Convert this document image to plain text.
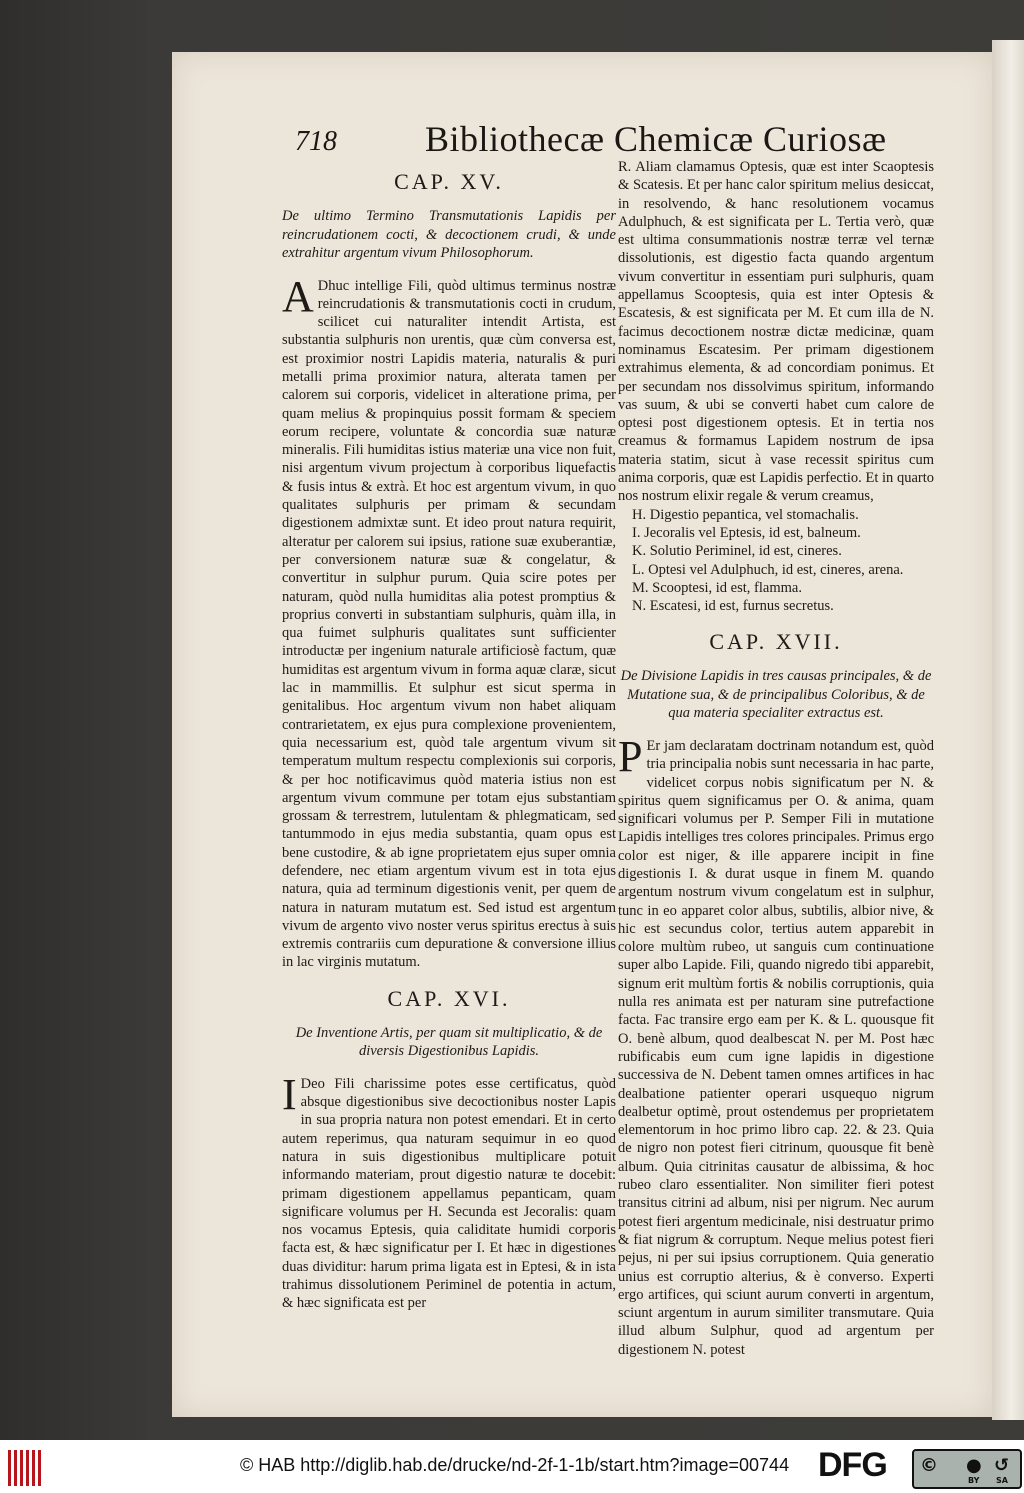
718 Bibliothecæ Chemicæ Curiosæ
CAP. XV.
De ultimo Termino Transmutationis Lapidis per reincrudationem cocti, & decoctionem crudi, & unde extrahitur argentum vivum Philosophorum.

A Dhuc intellige Fili, quòd ultimus terminus nostræ reincrudationis & transmutationis cocti in crudum, scilicet cui naturaliter intendit Artista, est substantia sulphuris non urentis, quæ cùm conversa est, est proximior nostri Lapidis materia, naturalis & puri metalli prima proximior natura, alterata tamen per calorem sui corporis, videlicet in alteratione prima, per quam melius & propinquius possit formam & speciem eorum recipere, voluntate & concordia suæ naturæ mineralis. Fili humiditas istius materiæ una vice non fuit, nisi argentum vivum projectum à corporibus liquefactis & fusis intus & extrà. Et hoc est argentum vivum, in quo qualitates sulphuris per primam & secundam digestionem admixtæ sunt. Et ideo prout natura requirit, alteratur per calorem sui ipsius, ratione suæ exuberantiæ, per conversionem naturæ suæ & congelatur, & convertitur in sulphur purum. Quia scire potes per naturam, quòd nulla humiditas alia potest promptius & proprius converti in substantiam sulphuris, quàm illa, in qua fuimet sulphuris qualitates sunt sufficienter introductæ per ingenium naturale artificiosè factum, quæ humiditas est argentum vivum in forma aquæ claræ, sicut lac in mammillis. Et sulphur est sicut sperma in genitalibus. Hoc argentum vivum non habet aliquam contrarietatem, ex ejus pura complexione provenientem, quia necessarium est, quòd tale argentum vivum sit temperatum multum respectu complexionis sui corporis, & per hoc notificavimus quòd materia istius non est argentum vivum commune per totam ejus substantiam grossam & terrestrem, lutulentam & phlegmaticam, sed tantummodo in ejus media substantia, quam opus est bene custodire, & ab igne proprietatem ejus super omnia defendere, nec etiam argentum vivum est in tota ejus natura, quia ad terminum digestionis venit, per quem de natura in naturam mutatum est. Sed istud est argentum vivum de argento vivo noster verus spiritus erectus à suis extremis contrariis cum depuratione & conversione illius in lac virginis mutatum.

CAP. XVI.
De Inventione Artis, per quam sit multiplicatio, & de diversis Digestionibus Lapidis.

I Deo Fili charissime potes esse certificatus, quòd absque digestionibus sive decoctionibus noster Lapis in sua propria natura non potest emendari. Et in certo autem reperimus, qua naturam sequimur in eo quod natura in suis digestionibus multiplicare potuit informando materiam, prout digestio naturæ te docebit: primam digestionem appellamus pepanticam, quam significare volumus per H. Secunda est Jecoralis: quam nos vocamus Eptesis, quia caliditate humidi corporis facta est, & hæc significatur per I. Et hæc in digestiones duas dividitur: harum prima ligata est in Eptesi, & in ista trahimus dissolutionem Periminel de potentia in actum, & hæc significata est per

R. Aliam clamamus Optesis, quæ est inter Scaoptesis & Scatesis. Et per hanc calor spiritum melius desiccat, in resolvendo, & hanc resolutionem vocamus Adulphuch, & est significata per L. Tertia verò, quæ est ultima consummationis nostræ terræ vel ternæ dissolutionis, est digestio facta quando argentum vivum convertitur in essentiam puri sulphuris, quam appellamus Scooptesis, quia est inter Optesis & Escatesis, & est significata per M. Et cum illa de N. facimus decoctionem nostræ dictæ medicinæ, quam nominamus Escatesim. Per primam digestionem extrahimus elementa, & ad concordiam ponimus. Et per secundam nos dissolvimus spiritum, informando vas suum, & ubi se converti habet cum calore de optesi post digestionem optesis. Et in tertia nos creamus & formamus Lapidem nostrum de ipsa materia statim, sicut à vase recessit spiritus cum anima corporis, quæ est Lapidis perfectio. Et in quarto nos nostrum elixir regale & verum creamus,

H. Digestio pepantica, vel stomachalis.
I. Jecoralis vel Eptesis, id est, balneum.
K. Solutio Periminel, id est, cineres.
L. Optesi vel Adulphuch, id est, cineres, arena.
M. Scooptesi, id est, flamma.
N. Escatesi, id est, furnus secretus.
CAP. XVII.
De Divisione Lapidis in tres causas principales, & de Mutatione sua, & de principalibus Coloribus, & de qua materia specialiter extractus est.

P Er jam declaratam doctrinam notandum est, quòd tria principalia nobis sunt necessaria in hac parte, videlicet corpus nobis significatum per N. & spiritus quem significamus per O. & anima, quam significari volumus per P. Semper Fili in mutatione Lapidis intelliges tres colores principales. Primus ergo color est niger, & ille apparere incipit in fine digestionis I. & durat usque in finem M. quando argentum nostrum vivum congelatum est in sulphur, tunc in eo apparet color albus, subtilis, albior nive, & hic est secundus color, tertius autem apparebit in colore multùm rubeo, ut sanguis cum continuatione super albo Lapide. Fili, quando nigredo tibi apparebit, signum erit multùm fortis & nobilis corruptionis, quia nulla res animata est per naturam sine putrefactione facta. Fac transire ergo eam per K. & L. quousque fit O. benè album, quod dealbescat N. per M. Post hæc rubificabis eum cum igne lapidis in digestione successiva de N. Debent tamen omnes artifices in hac dealbatione patienter operari usquequo nigrum dealbetur optimè, prout ostendemus per proprietatem elementorum in hoc primo libro cap. 22. & 23. Quia de nigro non potest fieri citrinum, quousque fit benè album. Quia citrinitas causatur de albissima, & hoc rubeo claro essentialiter. Non similiter fieri potest transitus citrini ad album, nisi per nigrum. Nec aurum potest fieri argentum medicinale, nisi destruatur primo & fiat nigrum & corruptum. Neque melius potest fieri pejus, ni per sui ipsius corruptionem. Quia generatio unius est corruptio alterius, & è converso. Experti ergo artifices, qui sciunt aurum converti in argentum, sciunt argentum in aurum similiter transmutare. Quia illud album Sulphur, quod ad argentum per digestionem N. potest

© HAB http://diglib.hab.de/drucke/nd-2f-1-1b/start.htm?image=00744 DFG © ● ↺
BY SA
